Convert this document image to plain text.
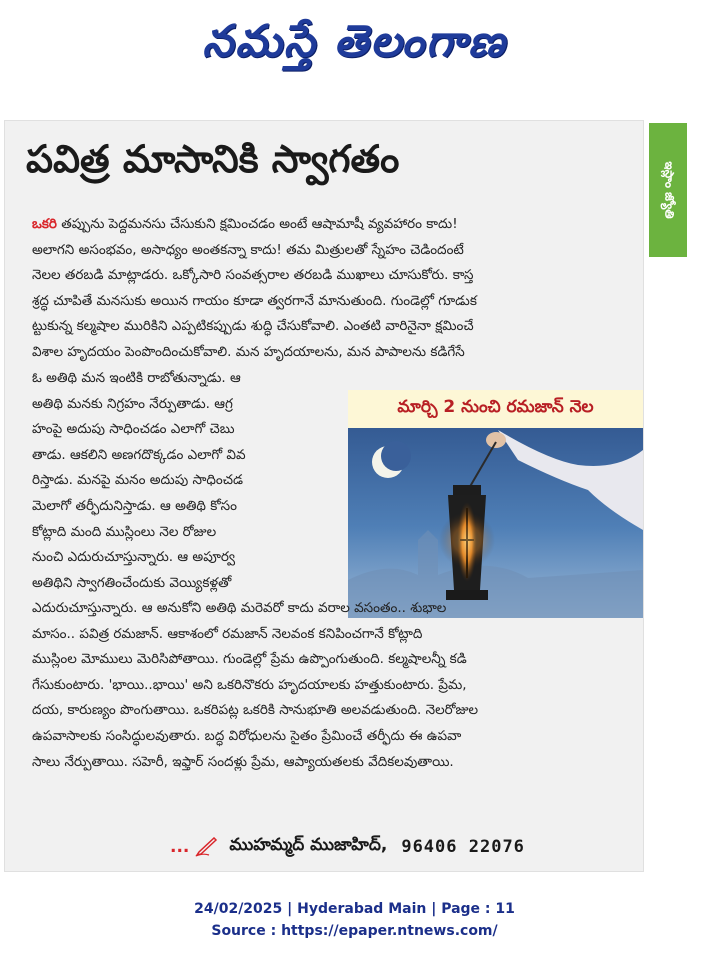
నమస్తే తెలంగాణ
ఇస్లాం జ్యోతి
పవిత్ర మాసానికి స్వాగతం
ఒకరి తప్పును పెద్దమనసు చేసుకుని క్షమించడం అంటే ఆషామాషీ వ్యవహారం కాదు!
అలాగని అసంభవం, అసాధ్యం అంతకన్నా కాదు! తమ మిత్రులతో స్నేహం చెడిందంటే
నెలల తరబడి మాట్లాడరు. ఒక్కోసారి సంవత్సరాల తరబడి ముఖాలు చూసుకోరు. కాస్త
శ్రద్ధ చూపితే మనసుకు అయిన గాయం కూడా త్వరగానే మానుతుంది. గుండెల్లో గూడుక
ట్టుకున్న కల్మషాల మురికిని ఎప్పటికప్పుడు శుద్ధి చేసుకోవాలి. ఎంతటి వారినైనా క్షమించే
విశాల హృదయం పెంపొందించుకోవాలి. మన హృదయాలను, మన పాపాలను కడిగేసే
ఓ అతిథి మన ఇంటికి రాబోతున్నాడు. ఆ
అతిథి మనకు నిగ్రహం నేర్పుతాడు. ఆగ్ర
హంపై అదుపు సాధించడం ఎలాగో చెబు
తాడు. ఆకలిని అణగదొక్కడం ఎలాగో వివ
రిస్తాడు. మనపై మనం అదుపు సాధించడ
మెలాగో తర్ఫీదునిస్తాడు. ఆ అతిథి కోసం
కోట్లాది మంది ముస్లింలు నెల రోజుల
నుంచి ఎదురుచూస్తున్నారు. ఆ అపూర్వ
అతిథిని స్వాగతించేందుకు వెయ్యికళ్లతో
మార్చి 2 నుంచి రమజాన్ నెల
ఎదురుచూస్తున్నారు. ఆ అనుకోని అతిథి మరెవరో కాదు వరాల వసంతం.. శుభాల
మాసం.. పవిత్ర రమజాన్. ఆకాశంలో రమజాన్ నెలవంక కనిపించగానే కోట్లాది
ముస్లింల మోములు మెరిసిపోతాయి. గుండెల్లో ప్రేమ ఉప్పొంగుతుంది. కల్మషాలన్నీ కడి
గేసుకుంటారు. 'భాయి..భాయి' అని ఒకరినొకరు హృదయాలకు హత్తుకుంటారు. ప్రేమ,
దయ, కారుణ్యం పొంగుతాయి. ఒకరిపట్ల ఒకరికి సానుభూతి అలవడుతుంది. నెలరోజుల
ఉపవాసాలకు సంసిద్ధులవుతారు. బద్ధ విరోధులను సైతం ప్రేమించే తర్ఫీదు ఈ ఉపవా
సాలు నేర్పుతాయి. సహెరీ, ఇఫ్తార్ సందళ్లు ప్రేమ, ఆప్యాయతలకు వేదికలవుతాయి.
... ముహమ్మద్ ముజాహిద్, 96406 22076
24/02/2025 | Hyderabad Main | Page : 11
Source : https://epaper.ntnews.com/
